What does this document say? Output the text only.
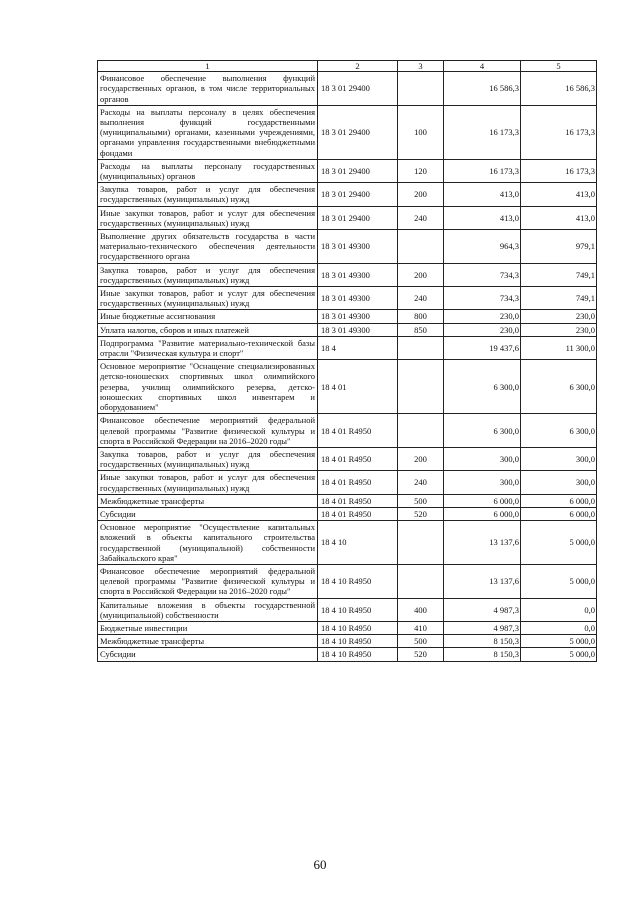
1	2	3	4	5
Финансовое обеспечение выполнения функций государственных органов, в том числе территориальных органов	18 3 01 29400		16 586,3	16 586,3
Расходы на выплаты персоналу в целях обеспечения выполнения функций государственными (муниципальными) органами, казенными учреждениями, органами управления государственными внебюджетными фондами	18 3 01 29400	100	16 173,3	16 173,3
Расходы на выплаты персоналу государственных (муниципальных) органов	18 3 01 29400	120	16 173,3	16 173,3
Закупка товаров, работ и услуг для обеспечения государственных (муниципальных) нужд	18 3 01 29400	200	413,0	413,0
Иные закупки товаров, работ и услуг для обеспечения государственных (муниципальных) нужд	18 3 01 29400	240	413,0	413,0
Выполнение других обязательств государства в части материально-технического обеспечения деятельности государственного органа	18 3 01 49300		964,3	979,1
Закупка товаров, работ и услуг для обеспечения государственных (муниципальных) нужд	18 3 01 49300	200	734,3	749,1
Иные закупки товаров, работ и услуг для обеспечения государственных (муниципальных) нужд	18 3 01 49300	240	734,3	749,1
Иные бюджетные ассигнования	18 3 01 49300	800	230,0	230,0
Уплата налогов, сборов и иных платежей	18 3 01 49300	850	230,0	230,0
Подпрограмма "Развитие материально-технической базы отрасли "Физическая культура и спорт"	18 4		19 437,6	11 300,0
Основное мероприятие "Оснащение специализированных детско-юношеских спортивных школ олимпийского резерва, училищ олимпийского резерва, детско-юношеских спортивных школ инвентарем и оборудованием"	18 4 01		6 300,0	6 300,0
Финансовое обеспечение мероприятий федеральной целевой программы "Развитие физической культуры и спорта в Российской Федерации на 2016–2020 годы"	18 4 01 R4950		6 300,0	6 300,0
Закупка товаров, работ и услуг для обеспечения государственных (муниципальных) нужд	18 4 01 R4950	200	300,0	300,0
Иные закупки товаров, работ и услуг для обеспечения государственных (муниципальных) нужд	18 4 01 R4950	240	300,0	300,0
Межбюджетные трансферты	18 4 01 R4950	500	6 000,0	6 000,0
Субсидии	18 4 01 R4950	520	6 000,0	6 000,0
Основное мероприятие "Осуществление капитальных вложений в объекты капитального строительства государственной (муниципальной) собственности Забайкальского края"	18 4 10		13 137,6	5 000,0
Финансовое обеспечение мероприятий федеральной целевой программы "Развитие физической культуры и спорта в Российской Федерации на 2016–2020 годы"	18 4 10 R4950		13 137,6	5 000,0
Капитальные вложения в объекты государственной (муниципальной) собственности	18 4 10 R4950	400	4 987,3	0,0
Бюджетные инвестиции	18 4 10 R4950	410	4 987,3	0,0
Межбюджетные трансферты	18 4 10 R4950	500	8 150,3	5 000,0
Субсидии	18 4 10 R4950	520	8 150,3	5 000,0
60
